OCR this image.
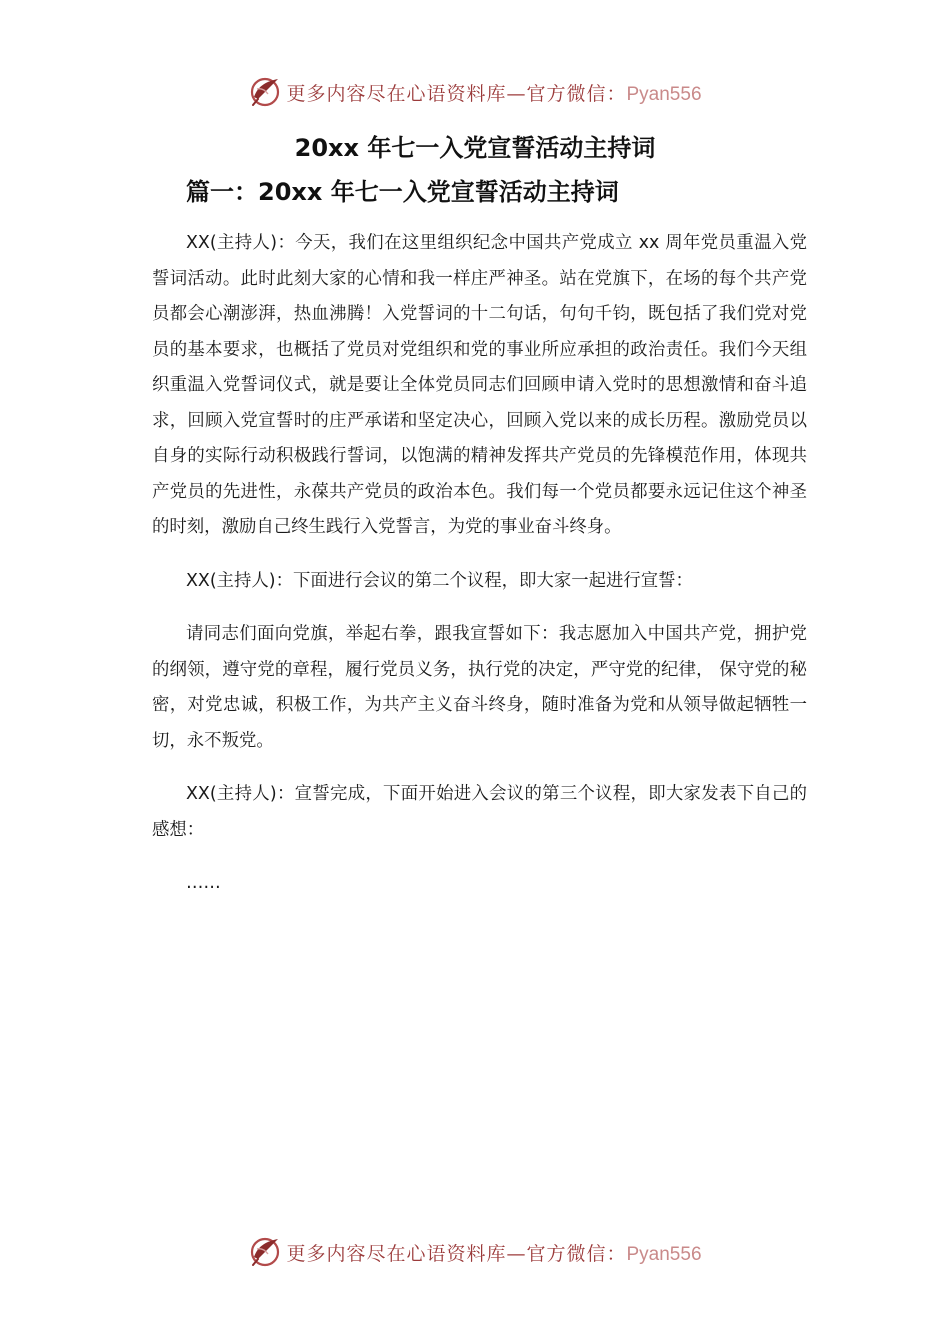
更多内容尽在心语资料库—官方微信：Pyan556
20xx 年七一入党宣誓活动主持词
篇一：20xx 年七一入党宣誓活动主持词

XX(主持人)：今天，我们在这里组织纪念中国共产党成立 xx 周年党员重温入党誓词活动。此时此刻大家的心情和我一样庄严神圣。站在党旗下，在场的每个共产党员都会心潮澎湃，热血沸腾！入党誓词的十二句话，句句千钧，既包括了我们党对党员的基本要求，也概括了党员对党组织和党的事业所应承担的政治责任。我们今天组织重温入党誓词仪式，就是要让全体党员同志们回顾申请入党时的思想激情和奋斗追求，回顾入党宣誓时的庄严承诺和坚定决心，回顾入党以来的成长历程。激励党员以自身的实际行动积极践行誓词，以饱满的精神发挥共产党员的先锋模范作用，体现共产党员的先进性，永葆共产党员的政治本色。我们每一个党员都要永远记住这个神圣的时刻，激励自己终生践行入党誓言，为党的事业奋斗终身。

XX(主持人)：下面进行会议的第二个议程，即大家一起进行宣誓：

请同志们面向党旗，举起右拳，跟我宣誓如下：我志愿加入中国共产党，拥护党的纲领，遵守党的章程，履行党员义务，执行党的决定，严守党的纪律， 保守党的秘密，对党忠诚，积极工作，为共产主义奋斗终身，随时准备为党和从领导做起牺牲一切，永不叛党。

XX(主持人)：宣誓完成，下面开始进入会议的第三个议程，即大家发表下自己的感想：

……

更多内容尽在心语资料库—官方微信：Pyan556
